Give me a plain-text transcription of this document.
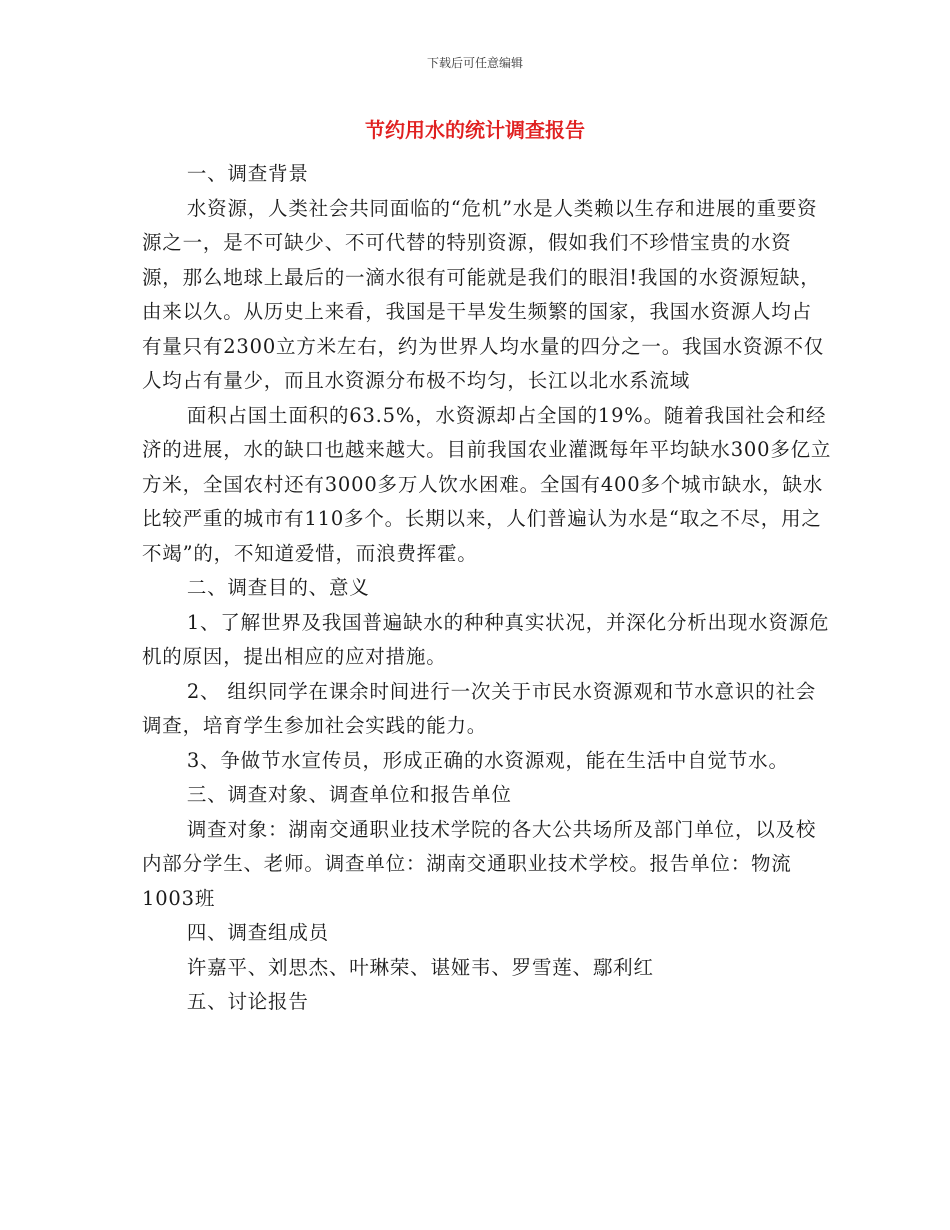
下载后可任意编辑
节约用水的统计调查报告

一、调查背景

水资源，人类社会共同面临的“危机”水是人类赖以生存和进展的重要资源之一，是不可缺少、不可代替的特别资源，假如我们不珍惜宝贵的水资源，那么地球上最后的一滴水很有可能就是我们的眼泪!我国的水资源短缺，由来以久。从历史上来看，我国是干旱发生频繁的国家，我国水资源人均占有量只有2300立方米左右，约为世界人均水量的四分之一。我国水资源不仅人均占有量少，而且水资源分布极不均匀，长江以北水系流域

面积占国土面积的63.5%，水资源却占全国的19%。随着我国社会和经济的进展，水的缺口也越来越大。目前我国农业灌溉每年平均缺水300多亿立方米，全国农村还有3000多万人饮水困难。全国有400多个城市缺水，缺水比较严重的城市有110多个。长期以来，人们普遍认为水是“取之不尽，用之不竭”的，不知道爱惜，而浪费挥霍。

二、调查目的、意义

1、了解世界及我国普遍缺水的种种真实状况，并深化分析出现水资源危机的原因，提出相应的应对措施。

2、 组织同学在课余时间进行一次关于市民水资源观和节水意识的社会调查，培育学生参加社会实践的能力。

3、争做节水宣传员，形成正确的水资源观，能在生活中自觉节水。

三、调查对象、调查单位和报告单位

调查对象：湖南交通职业技术学院的各大公共场所及部门单位，以及校内部分学生、老师。调查单位：湖南交通职业技术学校。报告单位：物流1003班

四、调查组成员

许嘉平、刘思杰、叶琳荣、谌娅韦、罗雪莲、鄢利红

五、讨论报告
